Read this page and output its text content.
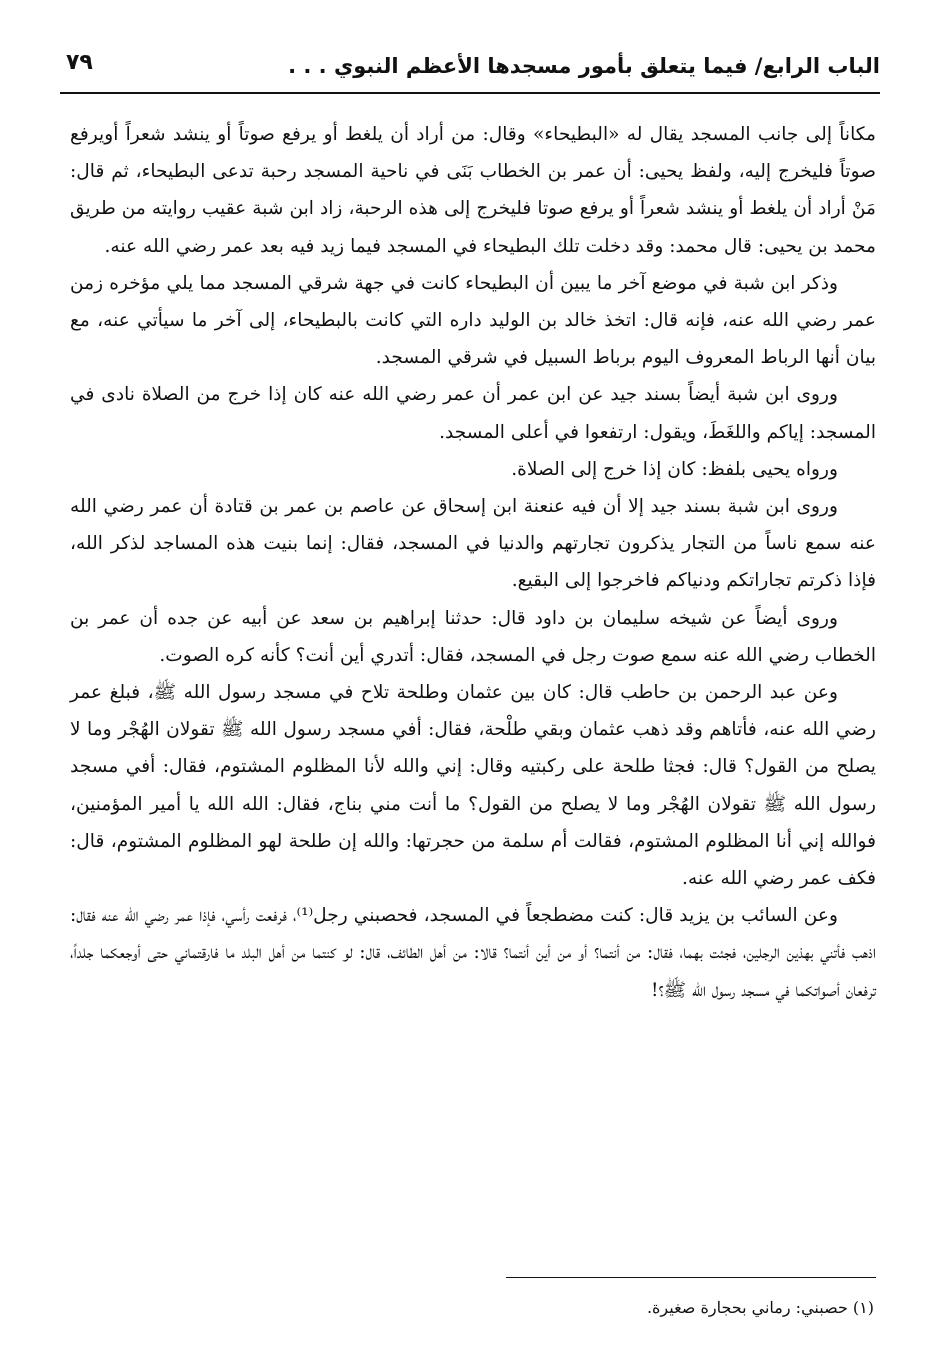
الباب الرابع/ فيما يتعلق بأمور مسجدها الأعظم النبوي . . .
٧٩

مكاناً إلى جانب المسجد يقال له «البطيحاء» وقال: من أراد أن يلغط أو يرفع صوتاً أو ينشد شعراً أويرفع صوتاً فليخرج إليه، ولفظ يحيى: أن عمر بن الخطاب بَنَى في ناحية المسجد رحبة تدعى البطيحاء، ثم قال: مَنْ أراد أن يلغط أو ينشد شعراً أو يرفع صوتا فليخرج إلى هذه الرحبة، زاد ابن شبة عقيب روايته من طريق محمد بن يحيى: قال محمد: وقد دخلت تلك البطيحاء في المسجد فيما زيد فيه بعد عمر رضي الله عنه.

وذكر ابن شبة في موضع آخر ما يبين أن البطيحاء كانت في جهة شرقي المسجد مما يلي مؤخره زمن عمر رضي الله عنه، فإنه قال: اتخذ خالد بن الوليد داره التي كانت بالبطيحاء، إلى آخر ما سيأتي عنه، مع بيان أنها الرباط المعروف اليوم برباط السبيل في شرقي المسجد.

وروى ابن شبة أيضاً بسند جيد عن ابن عمر أن عمر رضي الله عنه كان إذا خرج من الصلاة نادى في المسجد: إياكم واللغَطَ، ويقول: ارتفعوا في أعلى المسجد.

ورواه يحيى بلفظ: كان إذا خرج إلى الصلاة.

وروى ابن شبة بسند جيد إلا أن فيه عنعنة ابن إسحاق عن عاصم بن عمر بن قتادة أن عمر رضي الله عنه سمع ناساً من التجار يذكرون تجارتهم والدنيا في المسجد، فقال: إنما بنيت هذه المساجد لذكر الله، فإذا ذكرتم تجاراتكم ودنياكم فاخرجوا إلى البقيع.

وروى أيضاً عن شيخه سليمان بن داود قال: حدثنا إبراهيم بن سعد عن أبيه عن جده أن عمر بن الخطاب رضي الله عنه سمع صوت رجل في المسجد، فقال: أتدري أين أنت؟ كأنه كره الصوت.

وعن عبد الرحمن بن حاطب قال: كان بين عثمان وطلحة تلاح في مسجد رسول الله ﷺ، فبلغ عمر رضي الله عنه، فأتاهم وقد ذهب عثمان وبقي طلْحة، فقال: أفي مسجد رسول الله ﷺ تقولان الهُجْر وما لا يصلح من القول؟ قال: فجثا طلحة على ركبتيه وقال: إني والله لأنا المظلوم المشتوم، فقال: أفي مسجد رسول الله ﷺ تقولان الهُجْر وما لا يصلح من القول؟ ما أنت مني بناج، فقال: الله الله يا أمير المؤمنين، فوالله إني أنا المظلوم المشتوم، فقالت أم سلمة من حجرتها: والله إن طلحة لهو المظلوم المشتوم، قال: فكف عمر رضي الله عنه.

وعن السائب بن يزيد قال: كنت مضطجعاً في المسجد، فحصبني رجل⁽¹⁾، فرفعت رأسي، فإذا عمر رضي الله عنه فقال: اذهب فأتني بهذين الرجلين، فجئت بهما، فقال: من أنتما؟ أو من أين أنتما؟ قالا: من أهل الطائف، قال: لو كنتما من أهل البلد ما فارقتماني حتى أوجعكما جلداً، ترفعان أصواتكما في مسجد رسول الله ﷺ؟!

(١) حصبني: رماني بحجارة صغيرة.
